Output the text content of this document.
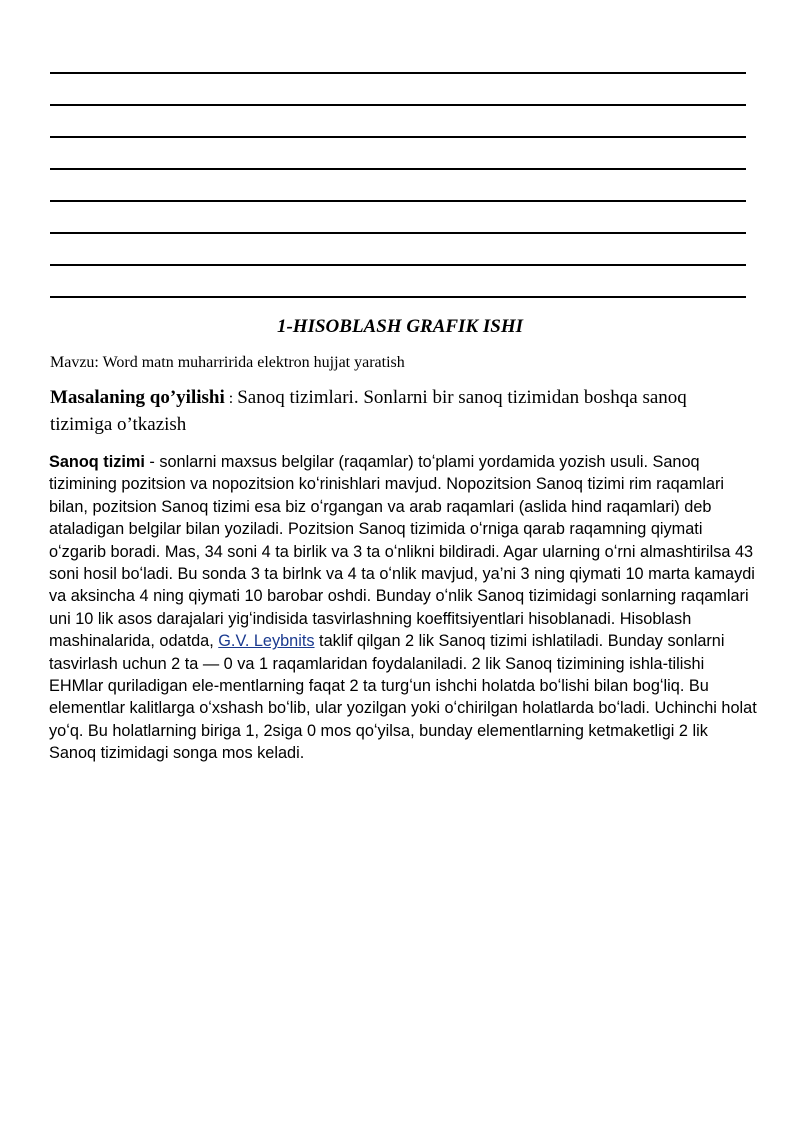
1-HISOBLASH GRAFIK ISHI
Mavzu: Word matn muharririda elektron hujjat yaratish
Masalaning qo’yilishi : Sanoq tizimlari. Sonlarni bir sanoq tizimidan boshqa sanoq tizimiga o’tkazish
Sanoq tizimi - sonlarni maxsus belgilar (raqamlar) toʻplami yordamida yozish usuli. Sanoq tizimining pozitsion va nopozitsion koʻrinishlari mavjud. Nopozitsion Sanoq tizimi rim raqamlari bilan, pozitsion Sanoq tizimi esa biz oʻrgangan va arab raqamlari (aslida hind raqamlari) deb ataladigan belgilar bilan yoziladi. Pozitsion Sanoq tizimida oʻrniga qarab raqamning qiymati oʻzgarib boradi. Mas, 34 soni 4 ta birlik va 3 ta oʻnlikni bildiradi. Agar ularning oʻrni almashtirilsa 43 soni hosil boʻladi. Bu sonda 3 ta birlnk va 4 ta oʻnlik mavjud, ya’ni 3 ning qiymati 10 marta kamaydi va aksincha 4 ning qiymati 10 barobar oshdi. Bunday oʻnlik Sanoq tizimidagi sonlarning raqamlari uni 10 lik asos darajalari yigʻindisida tasvirlashning koeffitsiyentlari hisoblanadi. Hisoblash mashinalarida, odatda, G.V. Leybnits taklif qilgan 2 lik Sanoq tizimi ishlatiladi. Bunday sonlarni tasvirlash uchun 2 ta — 0 va 1 raqamlaridan foydalaniladi. 2 lik Sanoq tizimining ishla-tilishi EHMlar quriladigan ele-mentlarning faqat 2 ta turgʻun ishchi holatda boʻlishi bilan bogʻliq. Bu elementlar kalitlarga oʻxshash boʻlib, ular yozilgan yoki oʻchirilgan holatlarda boʻladi. Uchinchi holat yoʻq. Bu holatlarning biriga 1, 2siga 0 mos qoʻyilsa, bunday elementlarning ketmaketligi 2 lik Sanoq tizimidagi songa mos keladi.
